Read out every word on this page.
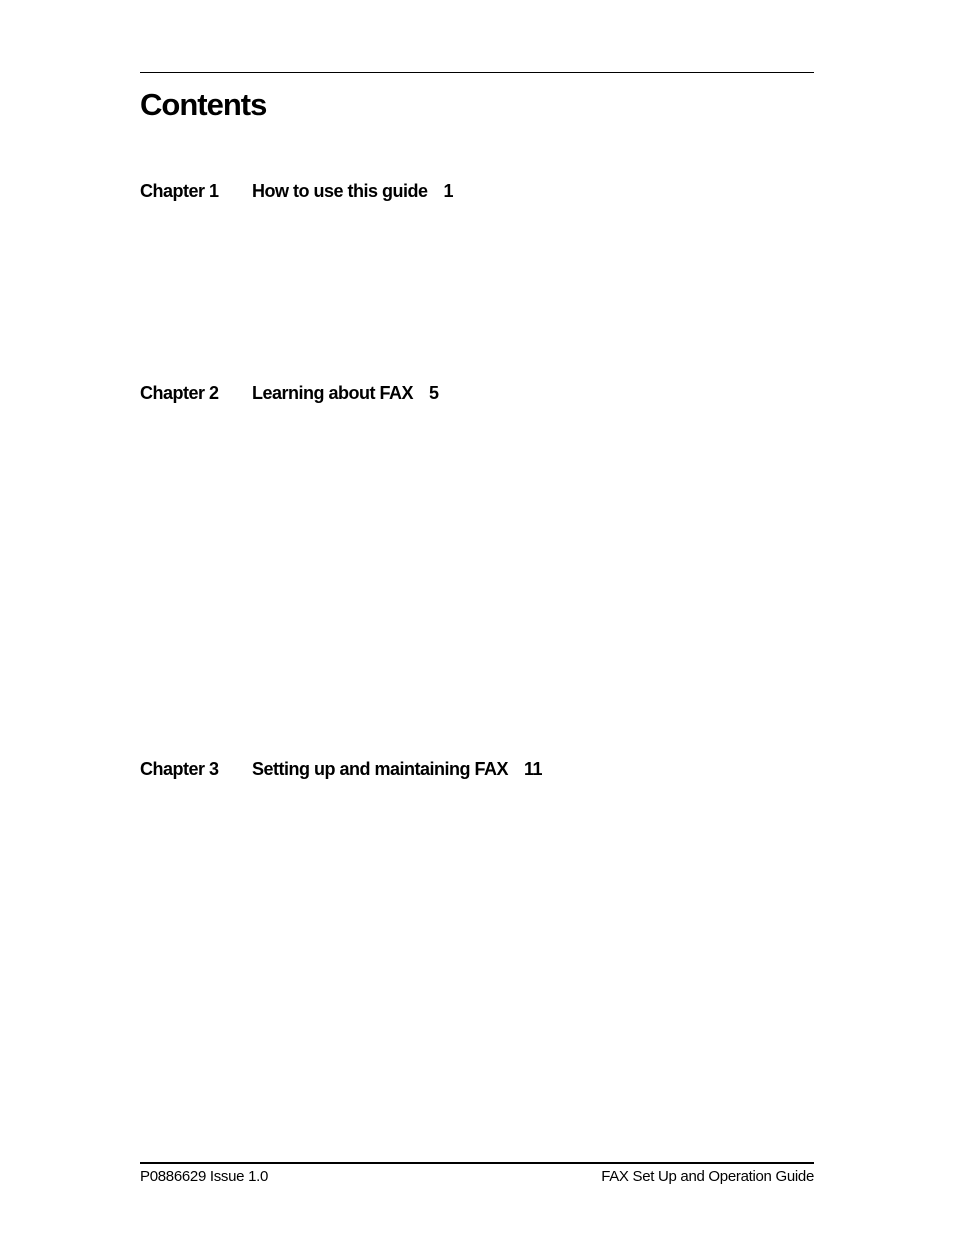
Contents
Chapter 1 How to use this guide 1
Chapter 2 Learning about FAX 5
Chapter 3 Setting up and maintaining FAX 11
P0886629 Issue 1.0	FAX Set Up and Operation Guide
